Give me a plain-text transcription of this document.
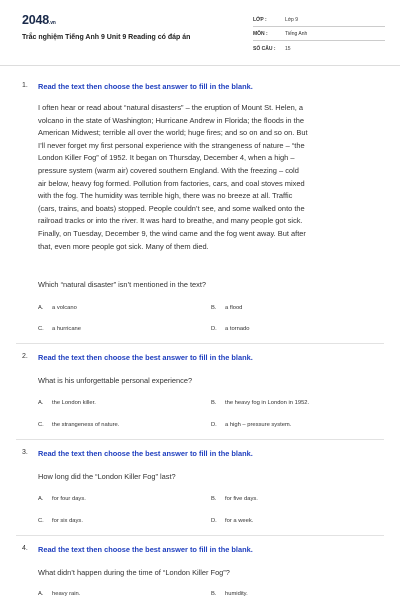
2048.vn
Trắc nghiệm Tiếng Anh 9 Unit 9 Reading có đáp án
LỚP :	Lớp 9
MÔN :	Tiếng Anh
SỐ CÂU : 15
1. Read the text then choose the best answer to fill in the blank.
I often hear or read about “natural disasters” – the eruption of Mount St. Helen, a
volcano in the state of Washington; Hurricane Andrew in Florida; the floods in the
American Midwest; terrible all over the world; huge fires; and so on and so on. But
I’ll never forget my first personal experience with the strangeness of nature – “the
London Killer Fog” of 1952. It began on Thursday, December 4, when a high –
pressure system (warm air) covered southern England. With the freezing – cold
air below, heavy fog formed. Pollution from factories, cars, and coal stoves mixed
with the fog. The humidity was terrible high, there was no breeze at all. Traffic
(cars, trains, and boats) stopped. People couldn’t see, and some walked onto the
railroad tracks or into the river. It was hard to breathe, and many people got sick.
Finally, on Tuesday, December 9, the wind came and the fog went away. But after
that, even more people got sick. Many of them died.
Which “natural disaster” isn’t mentioned in the text?
A. a volcano	B. a flood
C. a hurricane	D. a tornado
2. Read the text then choose the best answer to fill in the blank.
What is his unforgettable personal experience?
A. the London killer.	B. the heavy fog in London in 1952.
C. the strangeness of nature.	D. a high – pressure system.
3. Read the text then choose the best answer to fill in the blank.
How long did the “London Killer Fog” last?
A. for four days.	B. for five days.
C. for six days.	D. for a week.
4. Read the text then choose the best answer to fill in the blank.
What didn’t happen during the time of “London Killer Fog”?
A. heavy rain.	B. humidity.
